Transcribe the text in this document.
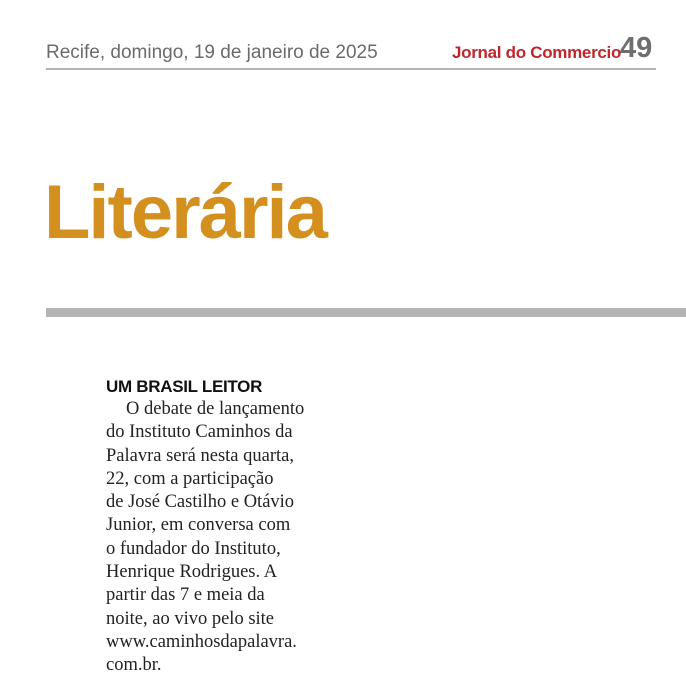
Recife, domingo, 19 de janeiro de 2025	Jornal do Commercio
49
Literária
UM BRASIL LEITOR

O debate de lançamento
do Instituto Caminhos da
Palavra será nesta quarta,
22, com a participação
de José Castilho e Otávio
Junior, em conversa com
o fundador do Instituto,
Henrique Rodrigues. A
partir das 7 e meia da
noite, ao vivo pelo site
www.caminhosdapalavra.
com.br.
